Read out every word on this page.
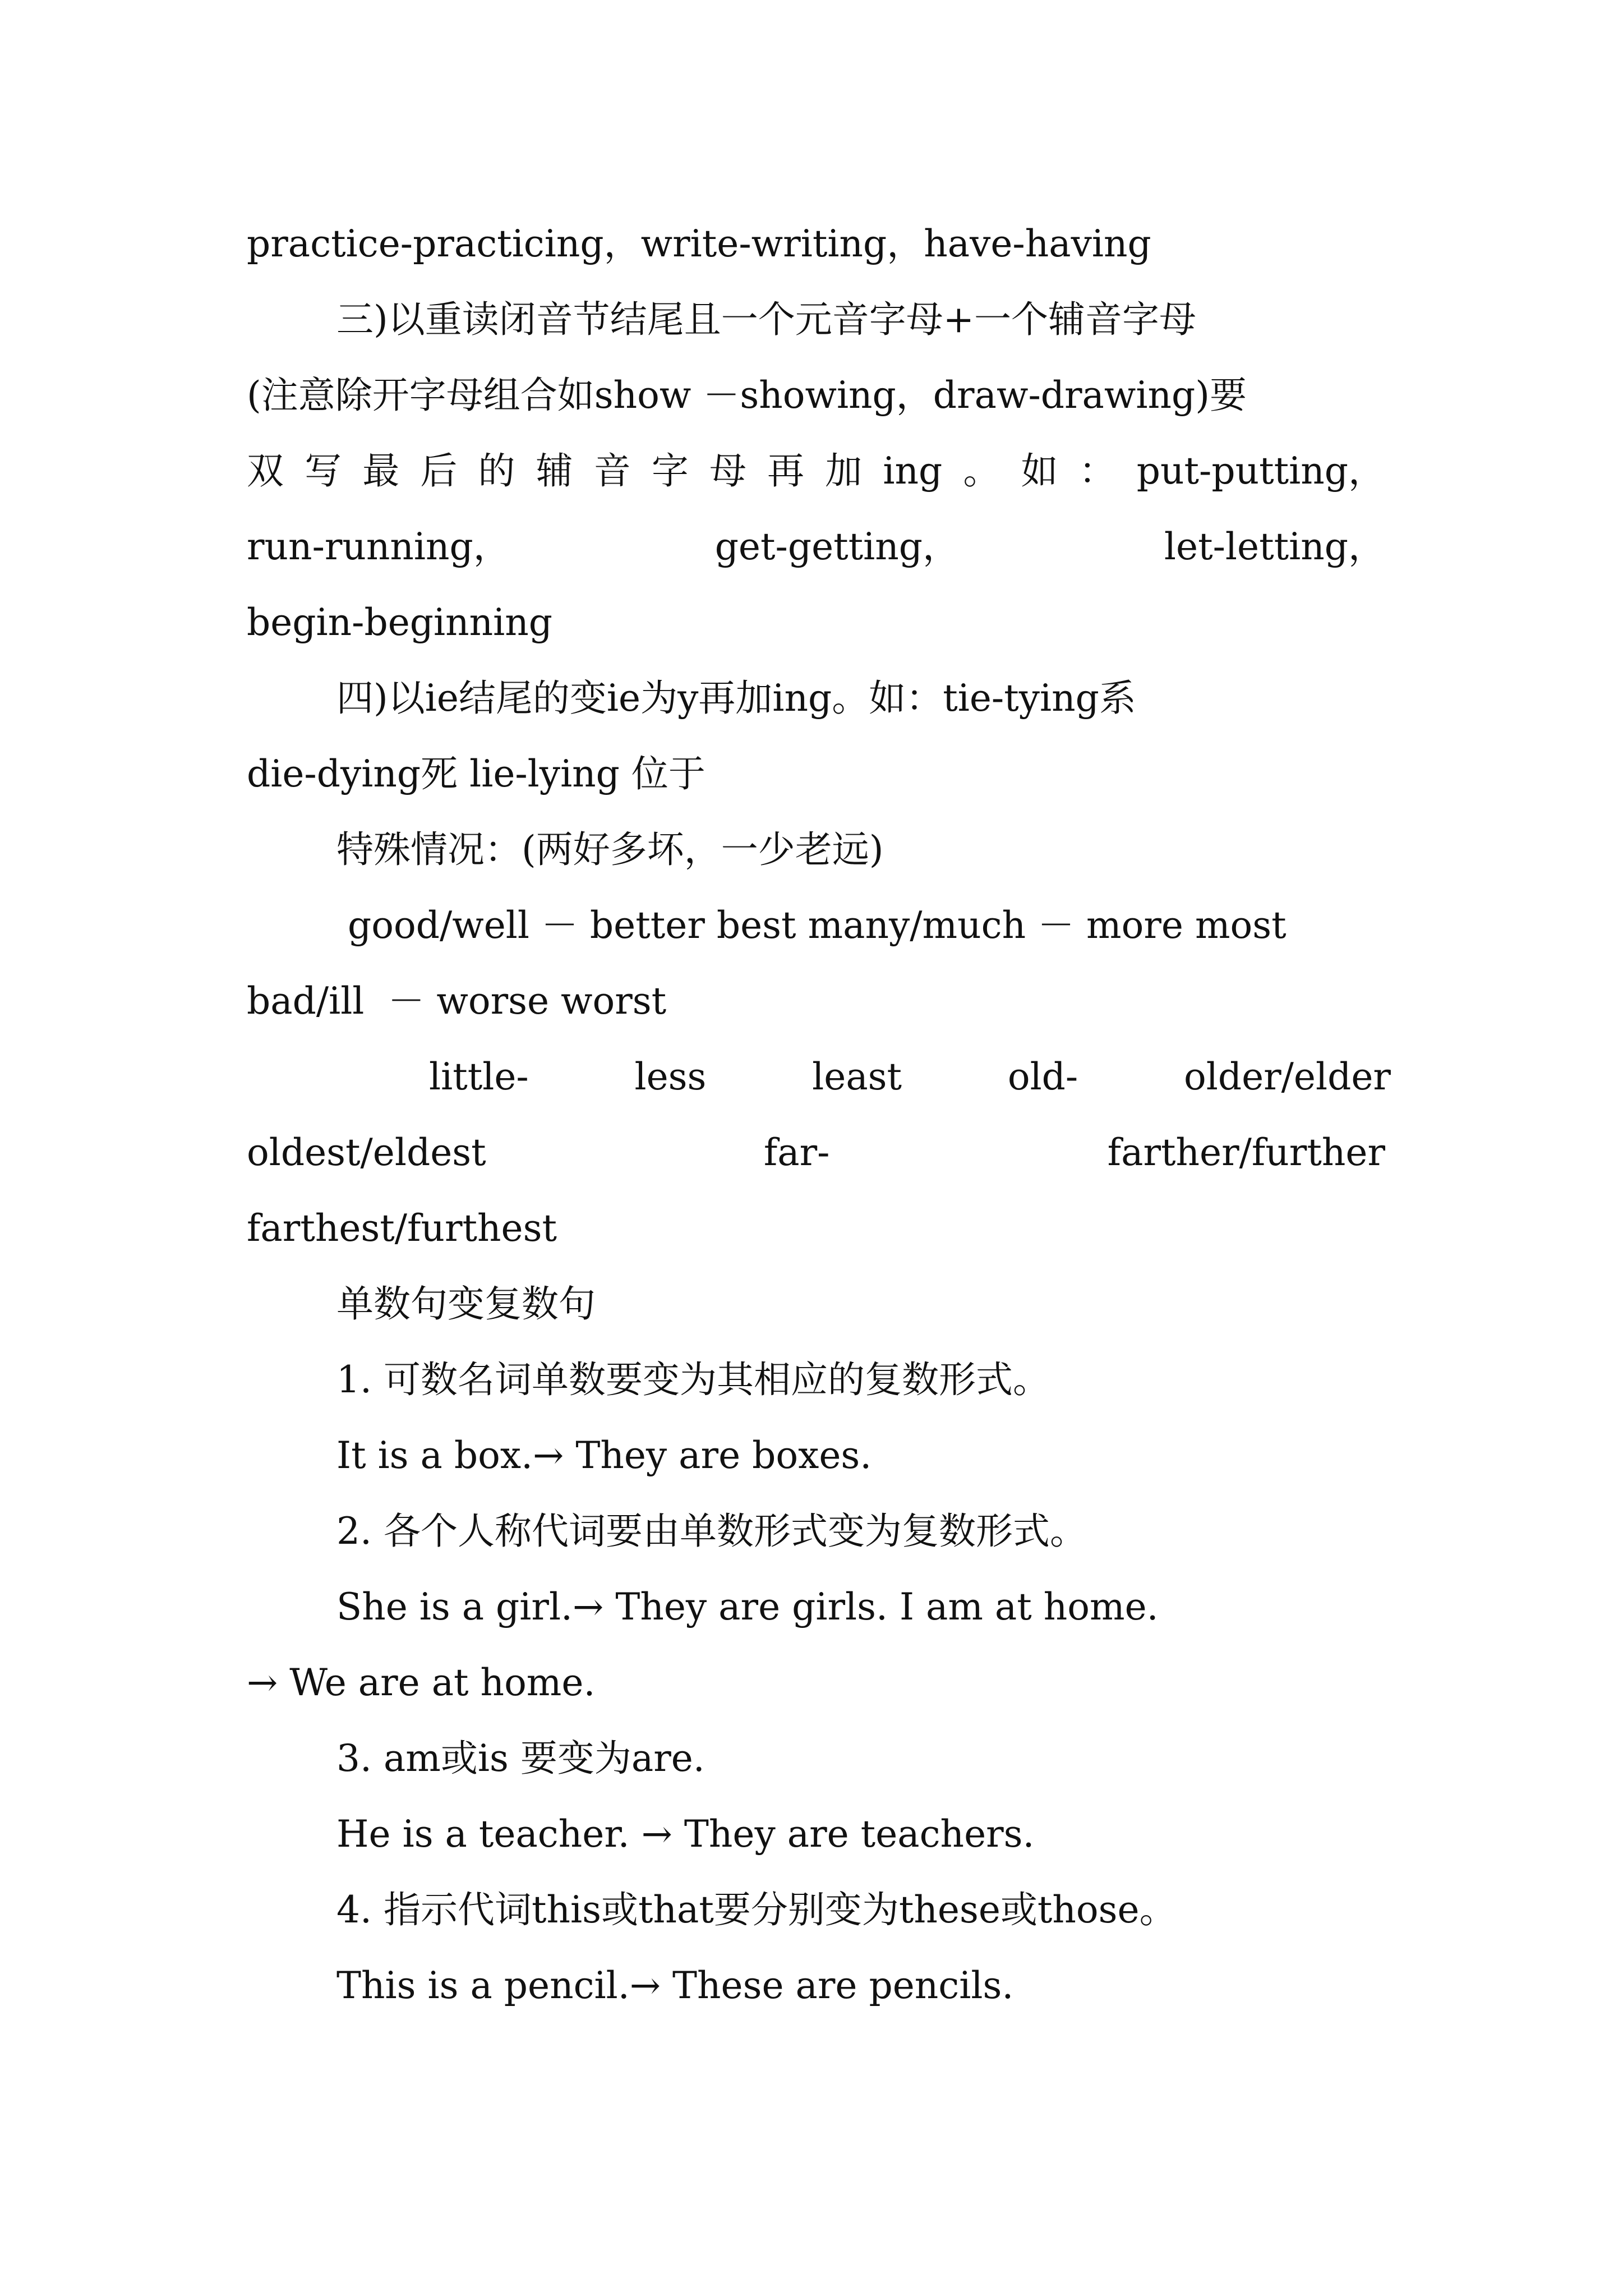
practice-practicing，write-writing，have-having
三)以重读闭音节结尾且一个元音字母+一个辅音字母
(注意除开字母组合如show －showing，draw-drawing)要
双 写 最 后 的 辅 音 字 母 再 加 ing 。 如 ： put-putting，
run-running，	get-getting，	let-letting，
begin-beginning
四)以ie结尾的变ie为y再加ing。如：tie-tying系
die-dying死 lie-lying 位于
特殊情况：(两好多坏，一少老远)
good/well － better best many/much － more most
bad/ill  － worse worst
little-	less	least	old-	older/elder
oldest/eldest	far-	farther/further
farthest/furthest
单数句变复数句
1. 可数名词单数要变为其相应的复数形式。
It is a box.→ They are boxes.
2. 各个人称代词要由单数形式变为复数形式。
She is a girl.→ They are girls. I am at home.
→ We are at home.
3. am或is 要变为are.
He is a teacher. → They are teachers.
4. 指示代词this或that要分别变为these或those。
This is a pencil.→ These are pencils.
